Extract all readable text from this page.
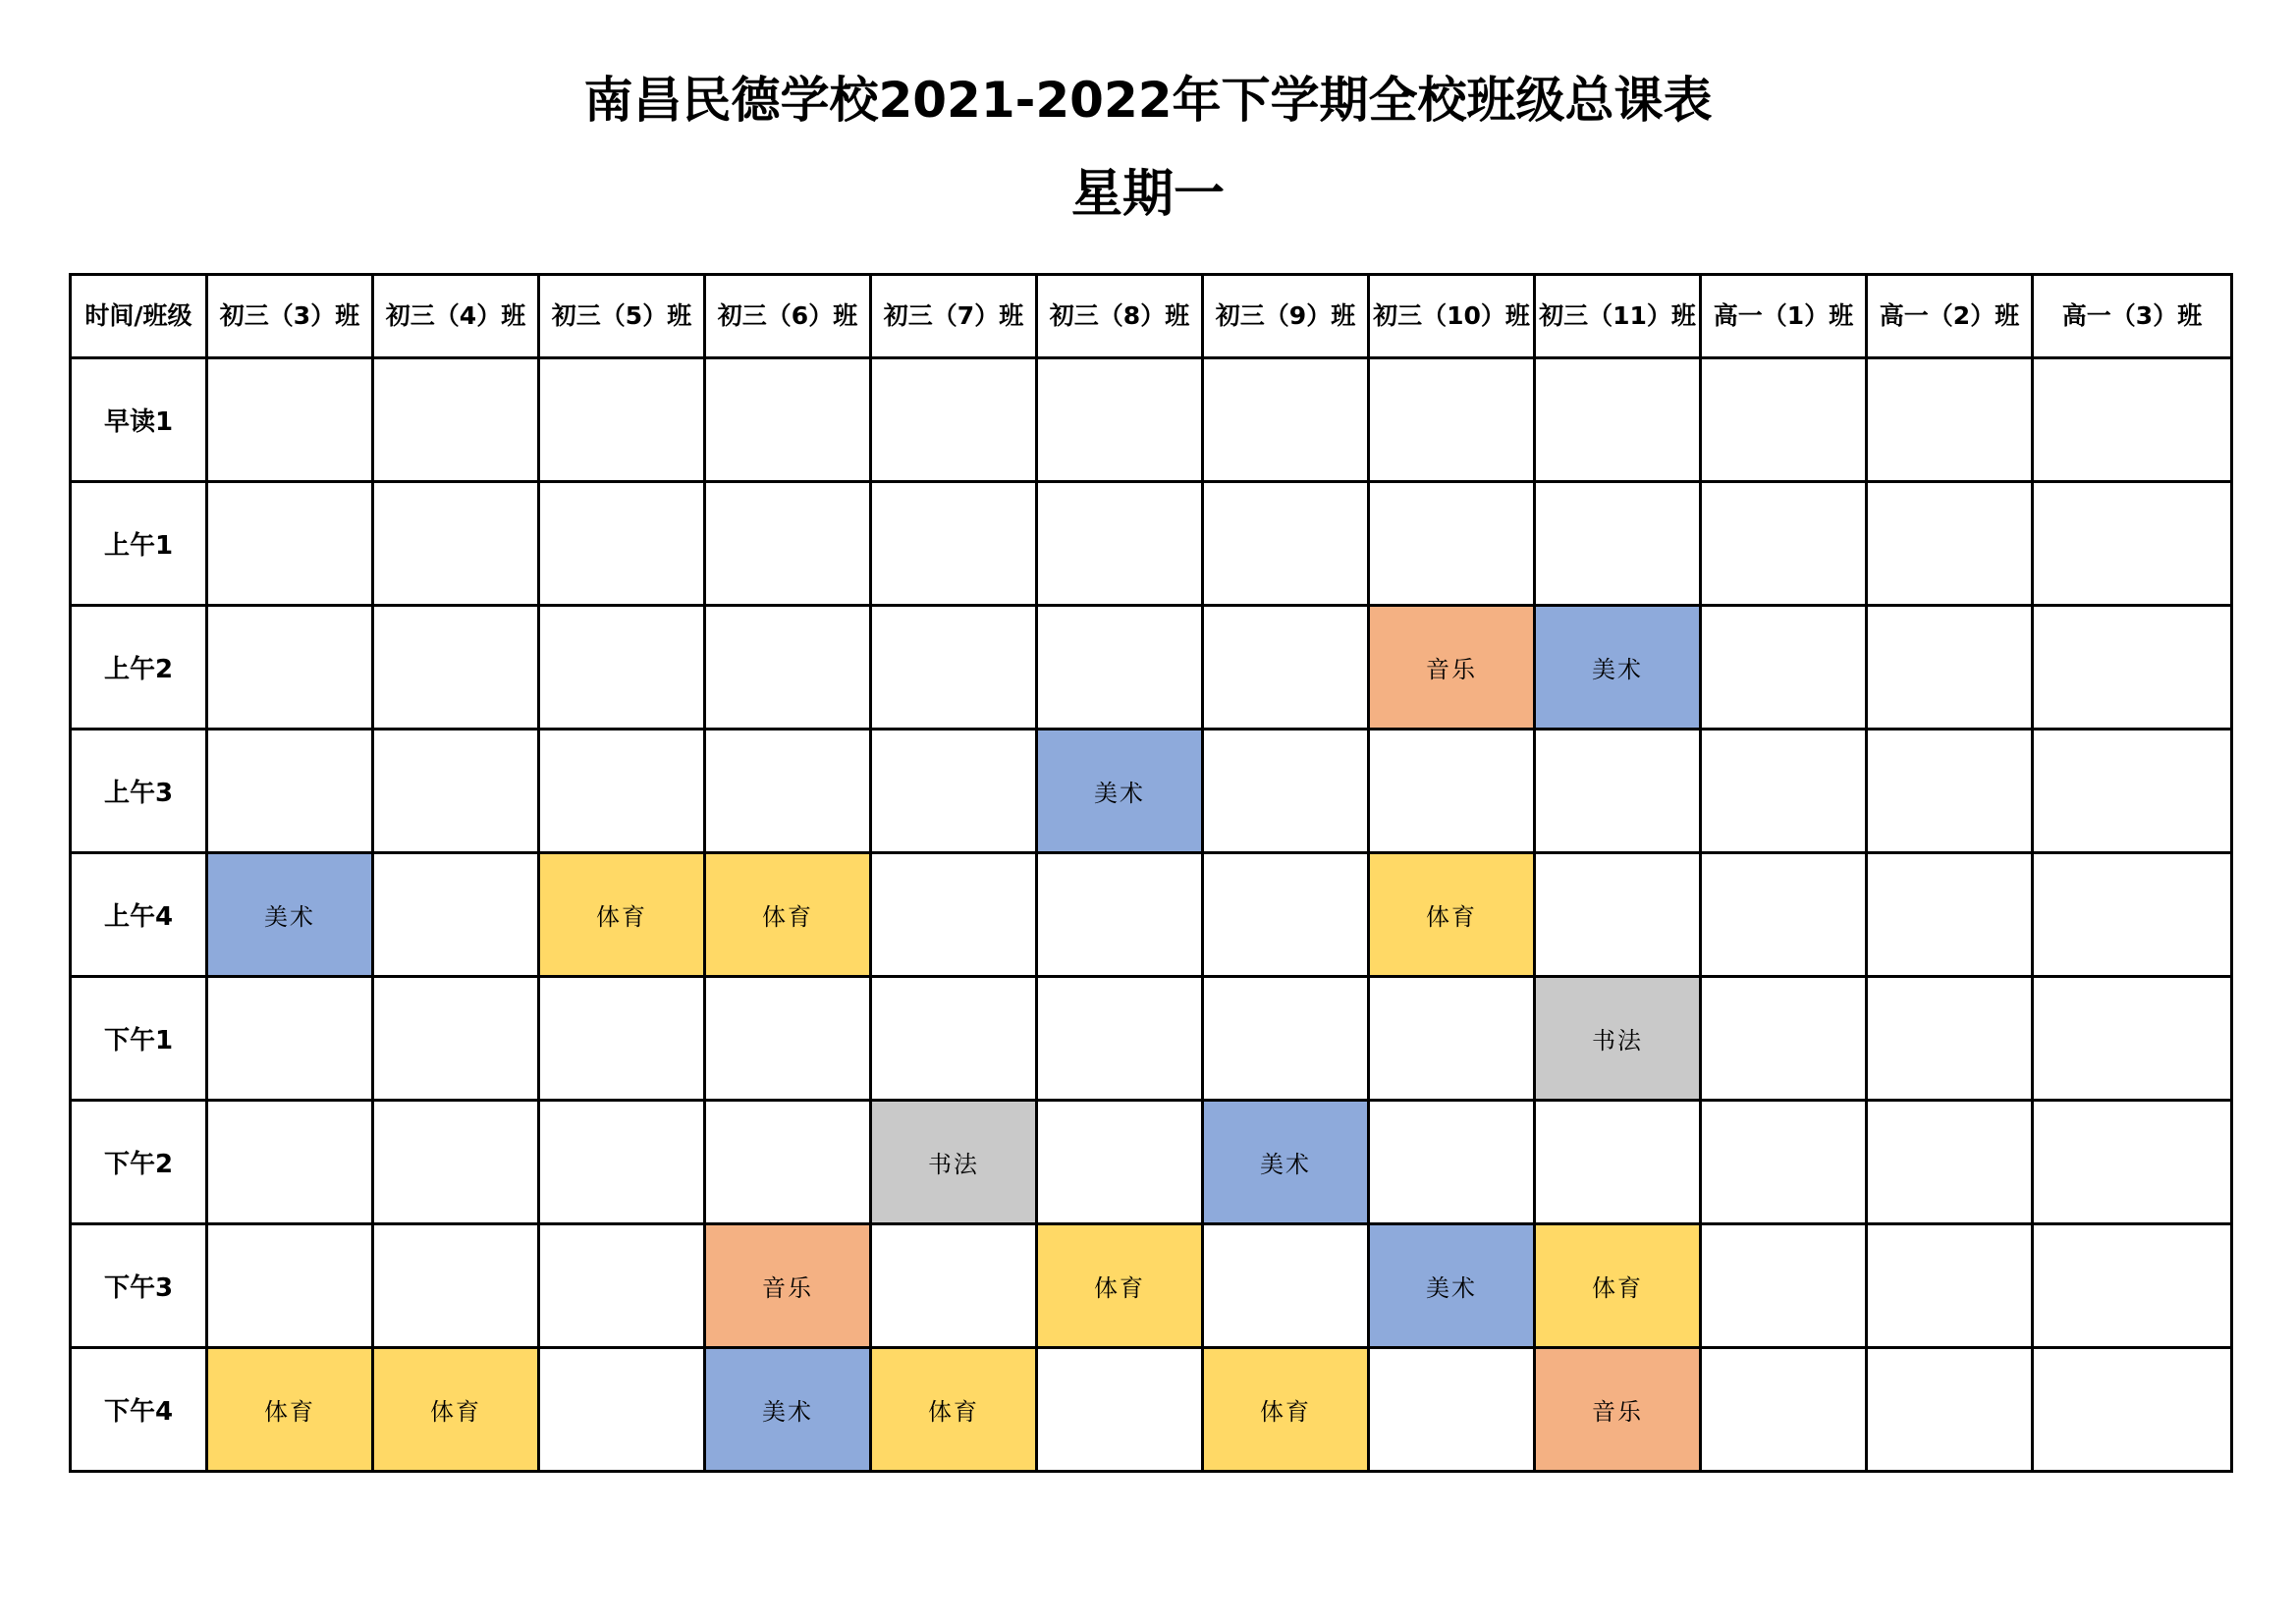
南昌民德学校2021-2022年下学期全校班级总课表
星期一
时间/班级	初三（3）班	初三（4）班	初三（5）班	初三（6）班	初三（7）班	初三（8）班	初三（9）班	初三（10）班	初三（11）班	高一（1）班	高一（2）班	高一（3）班
早读1												
上午1												
上午2								音乐	美术			
上午3						美术						
上午4	美术		体育	体育				体育				
下午1									书法			
下午2					书法		美术					
下午3				音乐		体育		美术	体育			
下午4	体育	体育		美术	体育		体育		音乐			
